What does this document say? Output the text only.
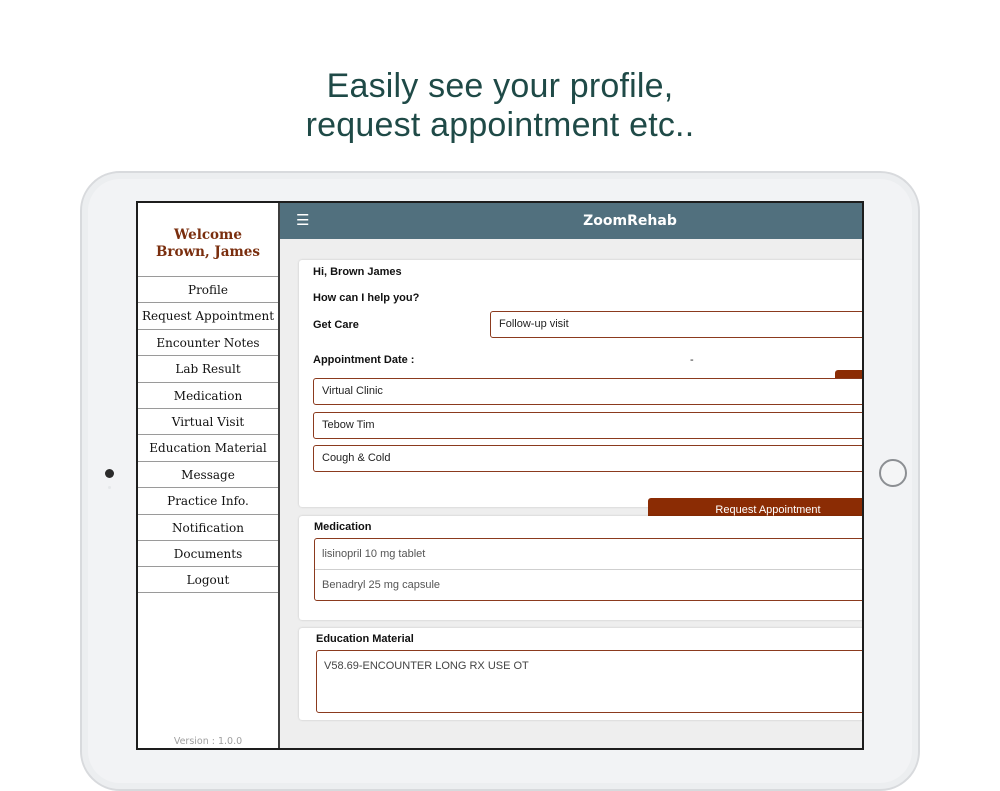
Easily see your profile,
request appointment etc..
Welcome
Brown, James
Profile
Request Appointment
Encounter Notes
Lab Result
Medication
Virtual Visit
Education Material
Message
Practice Info.
Notification
Documents
Logout
Version : 1.0.0
☰	ZoomRehab
Hi, Brown James
How can I help you?
Get Care	Follow-up visit
Appointment Date :	-
Virtual Clinic
Tebow Tim
Cough & Cold
Request Appointment
Medication
lisinopril 10 mg tablet
Benadryl 25 mg capsule
Education Material
V58.69-ENCOUNTER LONG RX USE OT
